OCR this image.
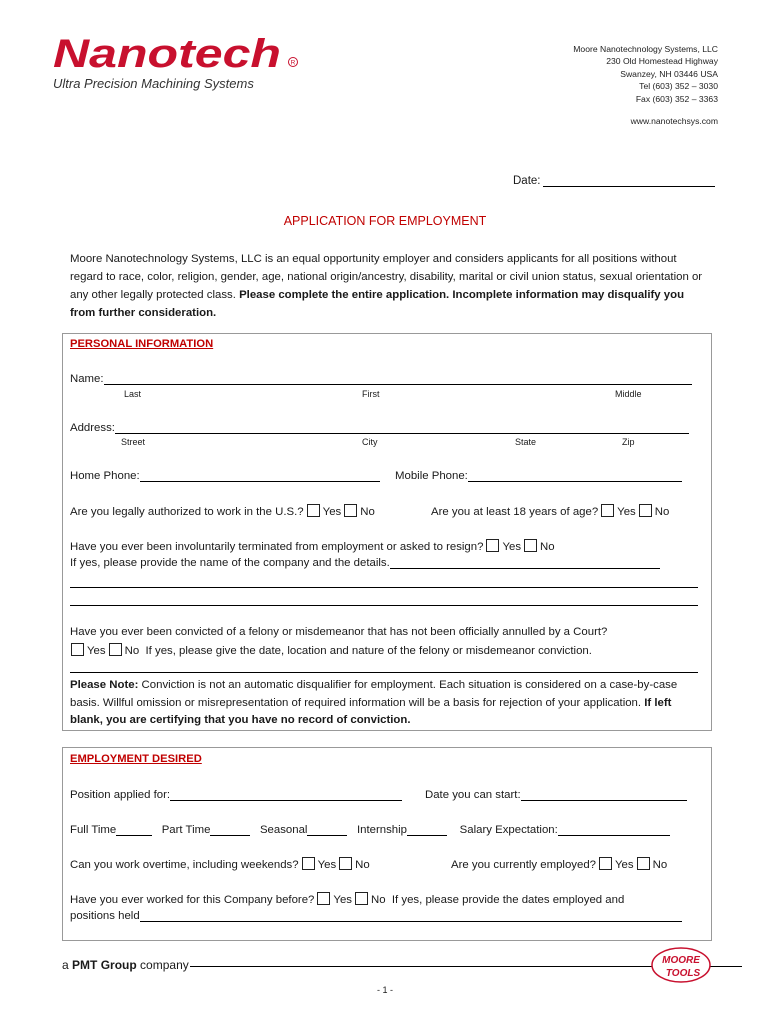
Nanotech R
Ultra Precision Machining Systems
Moore Nanotechnology Systems, LLC
230 Old Homestead Highway
Swanzey, NH 03446 USA
Tel (603) 352 – 3030
Fax (603) 352 – 3363
www.nanotechsys.com
Date:
APPLICATION FOR EMPLOYMENT
Moore Nanotechnology Systems, LLC is an equal opportunity employer and considers applicants for all positions without regard to race, color, religion, gender, age, national origin/ancestry, disability, marital or civil union status, sexual orientation or any other legally protected class. Please complete the entire application. Incomplete information may disqualify you from further consideration.
PERSONAL INFORMATION
Name:
Last	First	Middle
Address:
Street	City	State	Zip
Home Phone:	Mobile Phone:
Are you legally authorized to work in the U.S.? Yes No	Are you at least 18 years of age? Yes No
Have you ever been involuntarily terminated from employment or asked to resign? Yes No
If yes, please provide the name of the company and the details.
Have you ever been convicted of a felony or misdemeanor that has not been officially annulled by a Court?
Yes No If yes, please give the date, location and nature of the felony or misdemeanor conviction.
Please Note: Conviction is not an automatic disqualifier for employment. Each situation is considered on a case-by-case basis. Willful omission or misrepresentation of required information will be a basis for rejection of your application. If left blank, you are certifying that you have no record of conviction.
EMPLOYMENT DESIRED
Position applied for:	Date you can start:
Full Time	Part Time	Seasonal	Internship	Salary Expectation:
Can you work overtime, including weekends? Yes No	Are you currently employed? Yes No
Have you ever worked for this Company before? Yes No If yes, please provide the dates employed and
positions held
a PMT Group company	MOORE
TOOLS
- 1 -
